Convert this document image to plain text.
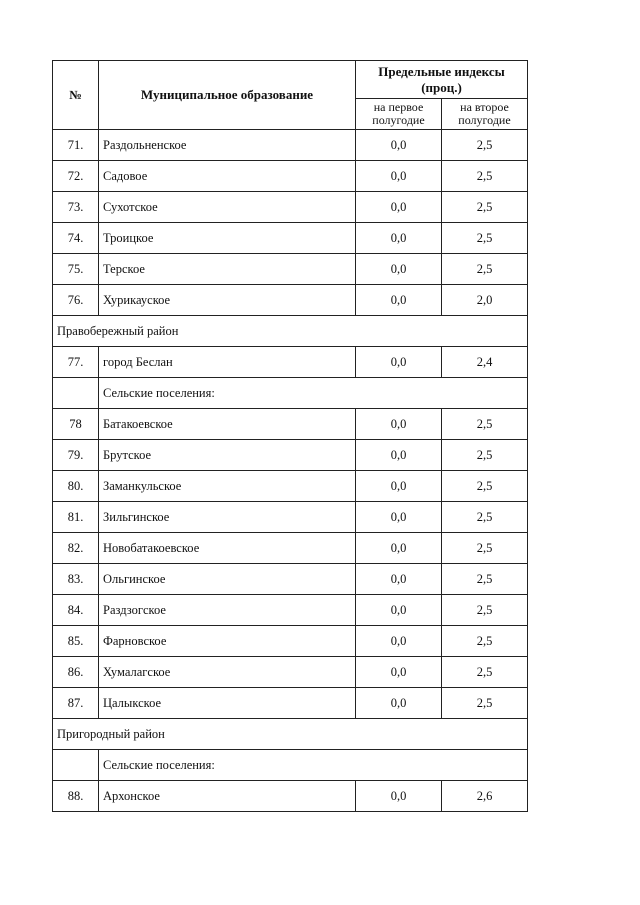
№	Муниципальное образование	Предельные индексы (проц.)	
		на первое полугодие	на второе полугодие
71.	Раздольненское	0,0	2,5
72.	Садовое	0,0	2,5
73.	Сухотское	0,0	2,5
74.	Троицкое	0,0	2,5
75.	Терское	0,0	2,5
76.	Хурикауское	0,0	2,0
Правобережный район			
77.	город Беслан	0,0	2,4
	Сельские поселения:		
78	Батакоевское	0,0	2,5
79.	Брутское	0,0	2,5
80.	Заманкульское	0,0	2,5
81.	Зильгинское	0,0	2,5
82.	Новобатакоевское	0,0	2,5
83.	Ольгинское	0,0	2,5
84.	Раздзогское	0,0	2,5
85.	Фарновское	0,0	2,5
86.	Хумалагское	0,0	2,5
87.	Цалыкское	0,0	2,5
Пригородный район			
	Сельские поселения:		
88.	Архонское	0,0	2,6
